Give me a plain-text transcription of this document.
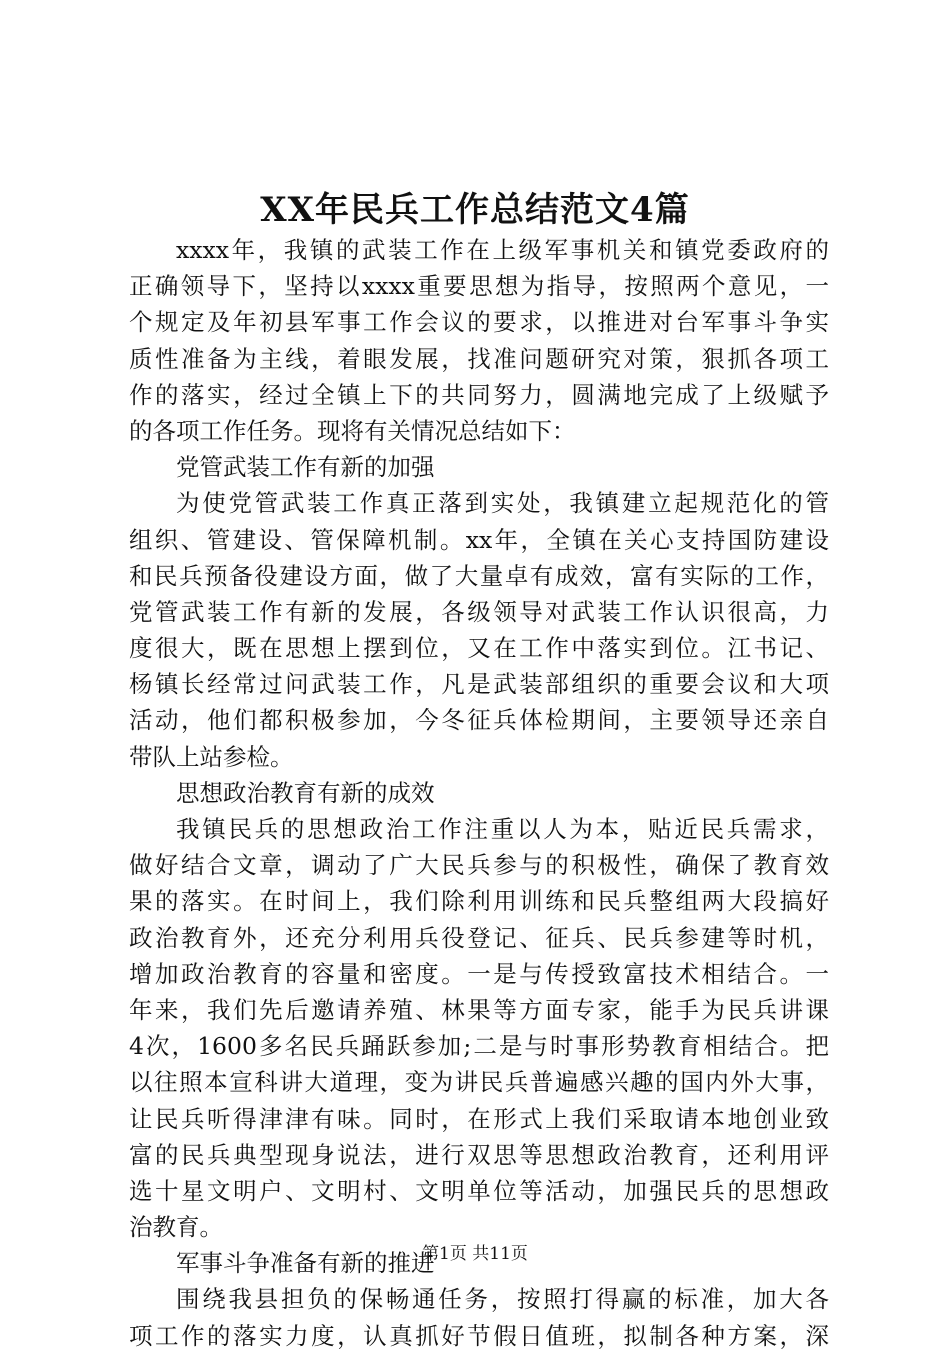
XX年民兵工作总结范文4篇
xxxx年，我镇的武装工作在上级军事机关和镇党委政府的
正确领导下，坚持以xxxx重要思想为指导，按照两个意见，一
个规定及年初县军事工作会议的要求，以推进对台军事斗争实
质性准备为主线，着眼发展，找准问题研究对策，狠抓各项工
作的落实，经过全镇上下的共同努力，圆满地完成了上级赋予
的各项工作任务。现将有关情况总结如下：
党管武装工作有新的加强
为使党管武装工作真正落到实处，我镇建立起规范化的管
组织、管建设、管保障机制。xx年，全镇在关心支持国防建设
和民兵预备役建设方面，做了大量卓有成效，富有实际的工作，
党管武装工作有新的发展，各级领导对武装工作认识很高，力
度很大，既在思想上摆到位，又在工作中落实到位。江书记、
杨镇长经常过问武装工作，凡是武装部组织的重要会议和大项
活动，他们都积极参加，今冬征兵体检期间，主要领导还亲自
带队上站参检。
思想政治教育有新的成效
我镇民兵的思想政治工作注重以人为本，贴近民兵需求，
做好结合文章，调动了广大民兵参与的积极性，确保了教育效
果的落实。在时间上，我们除利用训练和民兵整组两大段搞好
政治教育外，还充分利用兵役登记、征兵、民兵参建等时机，
增加政治教育的容量和密度。一是与传授致富技术相结合。一
年来，我们先后邀请养殖、林果等方面专家，能手为民兵讲课
4次，1600多名民兵踊跃参加;二是与时事形势教育相结合。把
以往照本宣科讲大道理，变为讲民兵普遍感兴趣的国内外大事，
让民兵听得津津有味。同时，在形式上我们采取请本地创业致
富的民兵典型现身说法，进行双思等思想政治教育，还利用评
选十星文明户、文明村、文明单位等活动，加强民兵的思想政
治教育。
军事斗争准备有新的推进
围绕我县担负的保畅通任务，按照打得赢的标准，加大各
项工作的落实力度，认真抓好节假日值班，拟制各种方案，深
第1页 共11页
